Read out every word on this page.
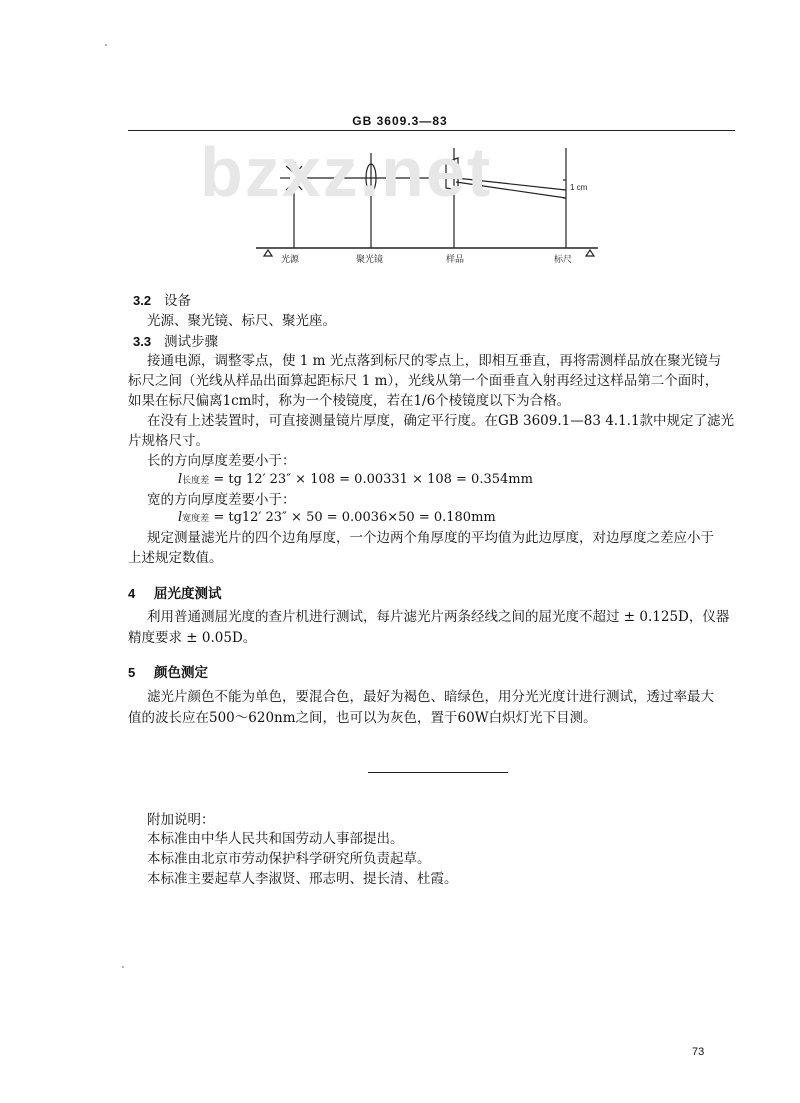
GB 3609.3—83
1 cm
光源	聚光镜	样品	标尺
bzxz.net
3.2 设备
光源、聚光镜、标尺、聚光座。
3.3 测试步骤
接通电源，调整零点，使 1 m 光点落到标尺的零点上，即相互垂直，再将需测样品放在聚光镜与
标尺之间（光线从样品出面算起距标尺 1 m），光线从第一个面垂直入射再经过这样品第二个面时，
如果在标尺偏离1cm时，称为一个棱镜度，若在1/6个棱镜度以下为合格。
在没有上述装置时，可直接测量镜片厚度，确定平行度。在GB 3609.1—83 4.1.1款中规定了滤光
片规格尺寸。
长的方向厚度差要小于：
l长度差 = tg 12′ 23″ × 108 = 0.00331 × 108 = 0.354mm
宽的方向厚度差要小于：
l宽度差 = tg12′ 23″ × 50 = 0.0036×50 = 0.180mm
规定测量滤光片的四个边角厚度，一个边两个角厚度的平均值为此边厚度，对边厚度之差应小于
上述规定数值。
4 屈光度测试
利用普通测屈光度的查片机进行测试，每片滤光片两条经线之间的屈光度不超过 ± 0.125D，仪器
精度要求 ± 0.05D。
5 颜色测定
滤光片颜色不能为单色，要混合色，最好为褐色、暗绿色，用分光光度计进行测试，透过率最大
值的波长应在500～620nm之间，也可以为灰色，置于60W白炽灯光下目测。
附加说明：
本标准由中华人民共和国劳动人事部提出。
本标准由北京市劳动保护科学研究所负责起草。
本标准主要起草人李淑贤、邢志明、提长清、杜霞。
73
